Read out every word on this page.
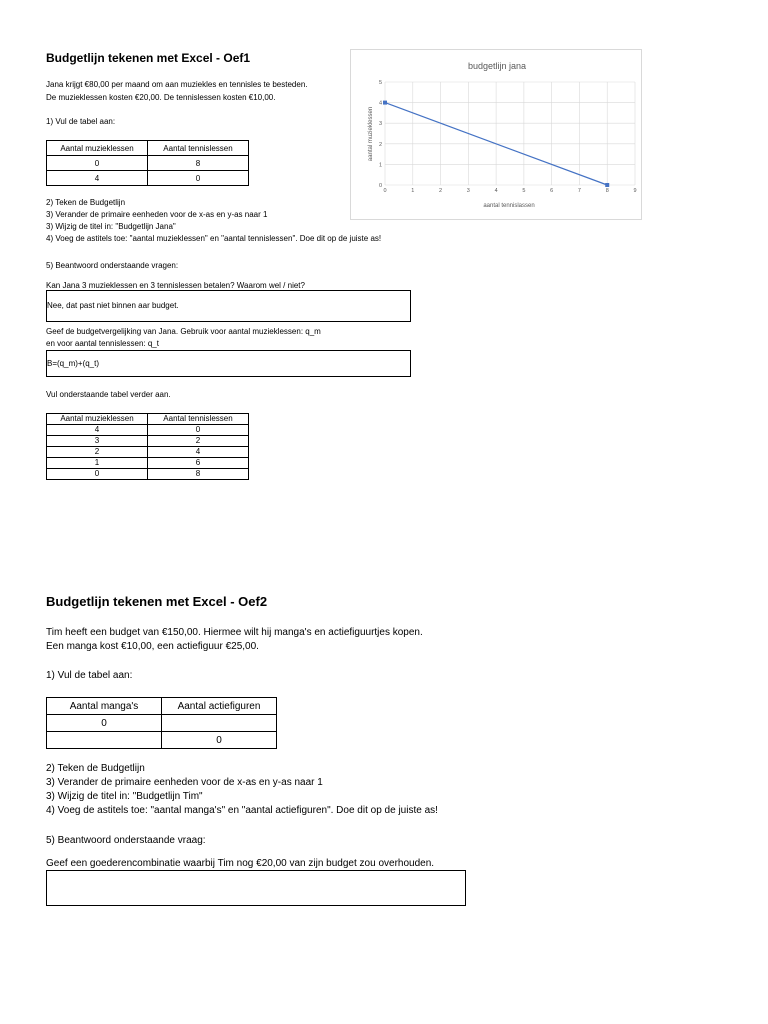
Budgetlijn tekenen met Excel - Oef1
Jana krijgt €80,00 per maand om aan muziekles en tennisles te besteden.
De muzieklessen kosten €20,00. De tennislessen kosten €10,00.
1) Vul de tabel aan:
Aantal muzieklessen	Aantal tennislessen
0	8
4	0
2) Teken de Budgetlijn
3) Verander de primaire eenheden voor de x-as en y-as naar 1
3) Wijzig de titel in: "Budgetlijn Jana"
4) Voeg de astitels toe: "aantal muzieklessen" en "aantal tennislessen". Doe dit op de juiste as!
5) Beantwoord onderstaande vragen:
Kan Jana 3 muzieklessen en 3 tennislessen betalen? Waarom wel / niet?
Nee, dat past niet binnen aar budget.
Geef de budgetvergelijking van Jana. Gebruik voor aantal muzieklessen: q_m
en voor aantal tennislessen: q_t
B=(q_m)+(q_t)
Vul onderstaande tabel verder aan.
Aantal muzieklessen	Aantal tennislessen
4	0
3	2
2	4
1	6
0	8
budgetlijn jana
aantal tennislassen
aantal muzieklessen
0	1	2	3	4	5	6	7	8	9
0
1
2
3
4
5
Budgetlijn tekenen met Excel - Oef2
Tim heeft een budget van €150,00. Hiermee wilt hij manga's en actiefiguurtjes kopen.
Een manga kost €10,00, een actiefiguur €25,00.
1) Vul de tabel aan:
Aantal manga's	Aantal actiefiguren
0	
	0
2) Teken de Budgetlijn
3) Verander de primaire eenheden voor de x-as en y-as naar 1
3) Wijzig de titel in: "Budgetlijn Tim"
4) Voeg de astitels toe: "aantal manga's" en "aantal actiefiguren". Doe dit op de juiste as!
5) Beantwoord onderstaande vraag:
Geef een goederencombinatie waarbij Tim nog €20,00 van zijn budget zou overhouden.
